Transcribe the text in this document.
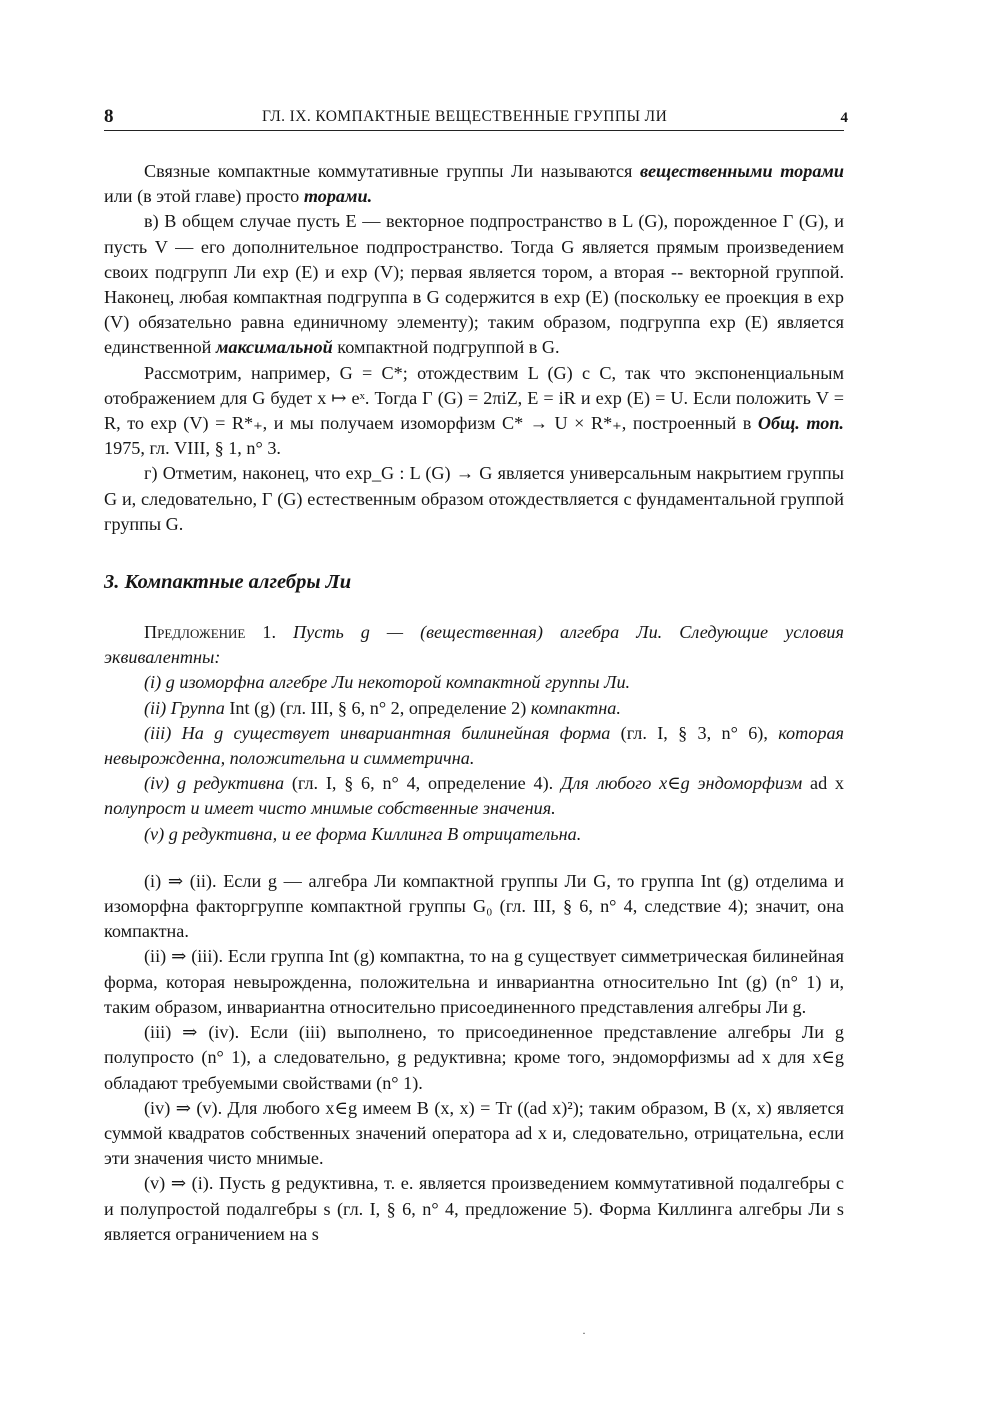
8	ГЛ. IX. КОМПАКТНЫЕ ВЕЩЕСТВЕННЫЕ ГРУППЫ ЛИ	4

Связные компактные коммутативные группы Ли называются вещественными торами или (в этой главе) просто торами.

в) В общем случае пусть E — векторное подпространство в L (G), порожденное Γ (G), и пусть V — его дополнительное подпространство. Тогда G является прямым произведением своих подгрупп Ли exp (E) и exp (V); первая является тором, а вторая -- векторной группой. Наконец, любая компактная подгруппа в G содержится в exp (E) (поскольку ее проекция в exp (V) обязательно равна единичному элементу); таким образом, подгруппа exp (E) является единственной максимальной компактной подгруппой в G.

Рассмотрим, например, G = C*; отождествим L (G) с C, так что экспоненциальным отображением для G будет x ↦ eˣ. Тогда Γ (G) = 2πiZ, E = iR и exp (E) = U. Если положить V = R, то exp (V) = R*₊, и мы получаем изоморфизм C* → U × R*₊, построенный в Общ. топ. 1975, гл. VIII, § 1, n° 3.

г) Отметим, наконец, что exp_G : L (G) → G является универсальным накрытием группы G и, следовательно, Γ (G) естественным образом отождествляется с фундаментальной группой группы G.

3. Компактные алгебры Ли

Предложение 1. Пусть g — (вещественная) алгебра Ли. Следующие условия эквивалентны:

(i) g изоморфна алгебре Ли некоторой компактной группы Ли.

(ii) Группа Int (g) (гл. III, § 6, n° 2, определение 2) компактна.

(iii) На g существует инвариантная билинейная форма (гл. I, § 3, n° 6), которая невырожденна, положительна и симметрична.

(iv) g редуктивна (гл. I, § 6, n° 4, определение 4). Для любого x∈g эндоморфизм ad x полупрост и имеет чисто мнимые собственные значения.

(v) g редуктивна, и ее форма Киллинга B отрицательна.

(i) ⇒ (ii). Если g — алгебра Ли компактной группы Ли G, то группа Int (g) отделима и изоморфна факторгруппе компактной группы G₀ (гл. III, § 6, n° 4, следствие 4); значит, она компактна.

(ii) ⇒ (iii). Если группа Int (g) компактна, то на g существует симметрическая билинейная форма, которая невырожденна, положительна и инвариантна относительно Int (g) (n° 1) и, таким образом, инвариантна относительно присоединенного представления алгебры Ли g.

(iii) ⇒ (iv). Если (iii) выполнено, то присоединенное представление алгебры Ли g полупросто (n° 1), а следовательно, g редуктивна; кроме того, эндоморфизмы ad x для x∈g обладают требуемыми свойствами (n° 1).

(iv) ⇒ (v). Для любого x∈g имеем B (x, x) = Tr ((ad x)²); таким образом, B (x, x) является суммой квадратов собственных значений оператора ad x и, следовательно, отрицательна, если эти значения чисто мнимые.

(v) ⇒ (i). Пусть g редуктивна, т. е. является произведением коммутативной подалгебры c и полупростой подалгебры s (гл. I, § 6, n° 4, предложение 5). Форма Киллинга алгебры Ли s является ограничением на s

·
